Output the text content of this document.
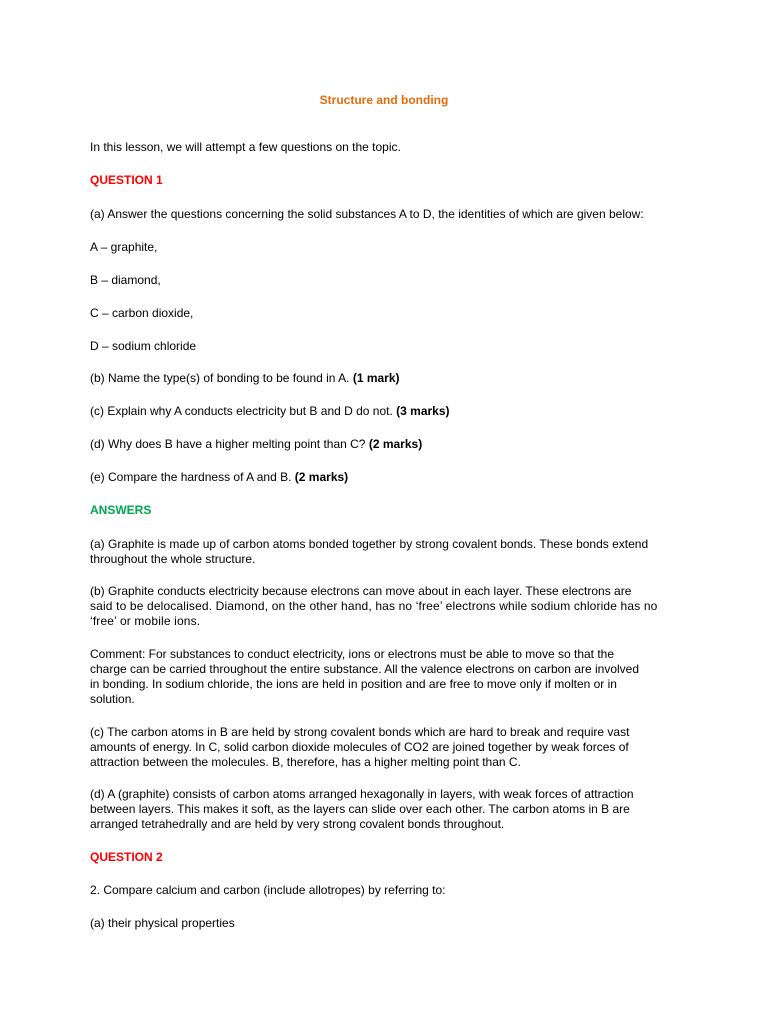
Structure and bonding

In this lesson, we will attempt a few questions on the topic.

QUESTION 1

(a) Answer the questions concerning the solid substances A to D, the identities of which are given below:

A – graphite,

B – diamond,

C – carbon dioxide,

D – sodium chloride

(b) Name the type(s) of bonding to be found in A. (1 mark)

(c) Explain why A conducts electricity but B and D do not. (3 marks)

(d) Why does B have a higher melting point than C? (2 marks)

(e) Compare the hardness of A and B. (2 marks)

ANSWERS

(a) Graphite is made up of carbon atoms bonded together by strong covalent bonds. These bonds extend

throughout the whole structure.

(b) Graphite conducts electricity because electrons can move about in each layer. These electrons are

said to be delocalised. Diamond, on the other hand, has no ‘free’ electrons while sodium chloride has no

‘free’ or mobile ions.

Comment: For substances to conduct electricity, ions or electrons must be able to move so that the

charge can be carried throughout the entire substance. All the valence electrons on carbon are involved

in bonding. In sodium chloride, the ions are held in position and are free to move only if molten or in

solution.

(c) The carbon atoms in B are held by strong covalent bonds which are hard to break and require vast

amounts of energy. In C, solid carbon dioxide molecules of CO2 are joined together by weak forces of

attraction between the molecules. B, therefore, has a higher melting point than C.

(d) A (graphite) consists of carbon atoms arranged hexagonally in layers, with weak forces of attraction

between layers. This makes it soft, as the layers can slide over each other. The carbon atoms in B are

arranged tetrahedrally and are held by very strong covalent bonds throughout.

QUESTION 2

2. Compare calcium and carbon (include allotropes) by referring to:

(a) their physical properties
